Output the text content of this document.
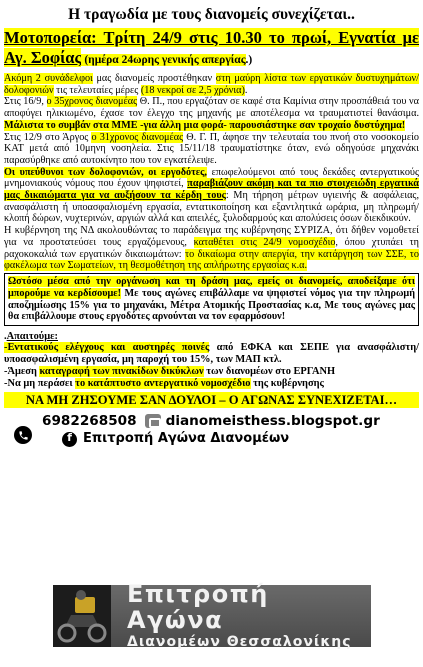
Η τραγωδία με τους διανομείς συνεχίζεται..
Μοτοπορεία: Τρίτη 24/9 στις 10.30 το πρωί, Εγνατία με Αγ. Σοφίας (ημέρα 24ωρης γενικής απεργίας.)

Ακόμη 2 συνάδελφοι μας διανομείς προστέθηκαν στη μαύρη λίστα των εργατικών δυστυχημάτων/δολοφονιών τις τελευταίες μέρες (18 νεκροί σε 2,5 χρόνια).

Στις 16/9, ο 35χρονος διανομέας Θ. Π., που εργαζόταν σε καφέ στα Καμίνια στην προσπάθειά του να αποφύγει ηλικιωμένο, έχασε τον έλεγχο της μηχανής με αποτέλεσμα να τραυματιστεί θανάσιμα. Μάλιστα το συμβάν στα ΜΜΕ -για άλλη μια φορά- παρουσιάστηκε σαν τροχαίο δυστύχημα!

Στις 12/9 στο Άργος ο 31χρονος διανομέας Θ. Γ. Π, άφησε την τελευταία του πνοή στο νοσοκομείο ΚΑΤ μετά από 10μηνη νοσηλεία. Στις 15/11/18 τραυματίστηκε όταν, ενώ οδηγούσε μηχανάκι παρασύρθηκε από αυτοκίνητο που τον εγκατέλειψε.

Οι υπεύθυνοι των δολοφονιών, οι εργοδότες, επωφελούμενοι από τους δεκάδες αντεργατικούς μνημονιακούς νόμους που έχουν ψηφιστεί, παραβιάζουν ακόμη και τα πιο στοιχειώδη εργατικά μας δικαιώματα για να αυξήσουν τα κέρδη τους: Μη τήρηση μέτρων υγιεινής & ασφάλειας, ανασφάλιστη ή υποασφαλισμένη εργασία, εντατικοποίηση και εξαντλητικά ωράρια, μη πληρωμή/κλοπή δώρων, νυχτερινών, αργιών αλλά και απειλές, ξυλοδαρμούς και απολύσεις όσων διεκδικούν.

Η κυβέρνηση της ΝΔ ακολουθώντας το παράδειγμα της κυβέρνησης ΣΥΡΙΖΑ, ότι δήθεν νομοθετεί για να προστατεύσει τους εργαζόμενους, καταθέτει στις 24/9 νομοσχέδιο, όπου χτυπάει τη ραχοκοκαλιά των εργατικών δικαιωμάτων: το δικαίωμα στην απεργία, την κατάργηση των ΣΣΕ, το φακέλωμα των Σωματείων, τη θεσμοθέτηση της απλήρωτης εργασίας κ.α.

Ωστόσο μέσα από την οργάνωση και τη δράση μας, εμείς οι διανομείς, αποδείξαμε ότι μπορούμε να κερδίσουμε! Με τους αγώνες επιβάλλαμε να ψηφιστεί νόμος για την πληρωμή αποζημίωσης 15% για το μηχανάκι, Μέτρα Ατομικής Προστασίας κ.α, Με τους αγώνες μας θα επιβάλλουμε στους εργοδότες αρνούνται να τον εφαρμόσουν!
.Απαιτούμε:
-Εντατικούς ελέγχους και αυστηρές ποινές από ΕΦΚΑ και ΣΕΠΕ για ανασφάλιστη/υποασφαλισμένη εργασία, μη παροχή του 15%, των ΜΑΠ κτλ.
-Άμεση καταγραφή των πινακίδων δικύκλων των διανομέων στο ΕΡΓΑΝΗ
-Να μη περάσει το κατάπτυστο αντεργατικό νομοσχέδιο της κυβέρνησης
ΝΑ ΜΗ ΖΗΣΟΥΜΕ ΣΑΝ ΔΟΥΛΟΙ – Ο ΑΓΩΝΑΣ ΣΥΝΕΧΙΖΕΤΑΙ…
6982268508 dianomeisthess.blogspot.gr
f Επιτροπή Αγώνα Διανομέων
Επιτροπή Αγώνα
Διανομέων Θεσσαλονίκης
